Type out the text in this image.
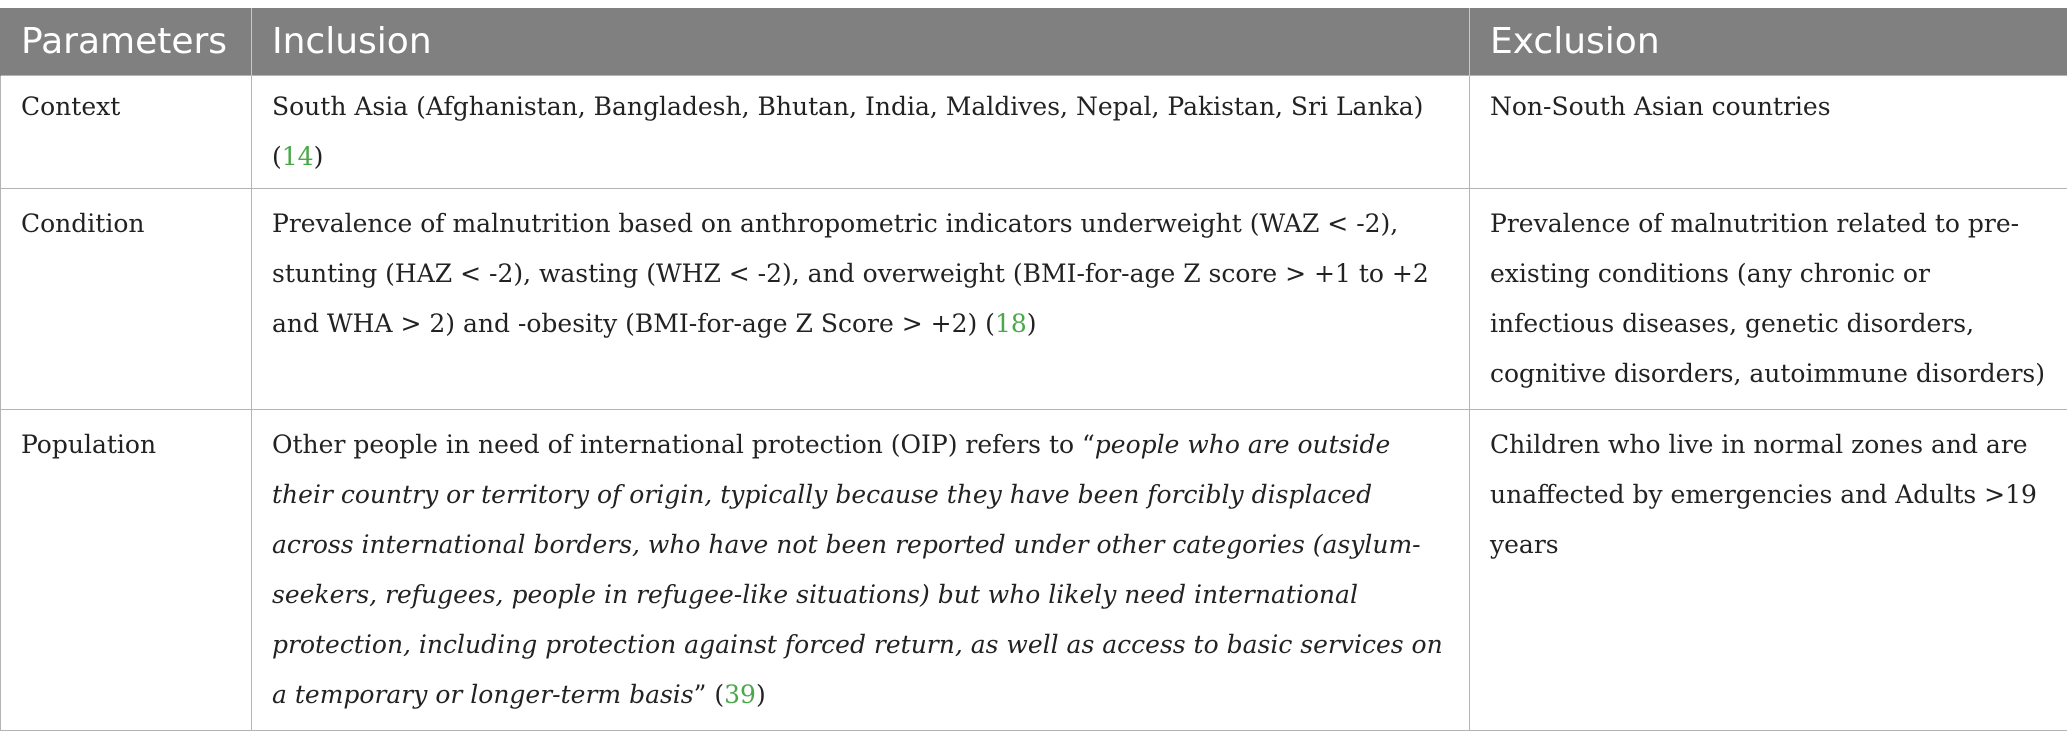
Parameters	Inclusion	Exclusion
Context	South Asia (Afghanistan, Bangladesh, Bhutan, India, Maldives, Nepal, Pakistan, Sri Lanka) (14)	Non-South Asian countries
Condition	Prevalence of malnutrition based on anthropometric indicators underweight (WAZ < -2), stunting (HAZ < -2), wasting (WHZ < -2), and overweight (BMI-for-age Z score > +1 to +2 and WHA > 2) and -obesity (BMI-for-age Z Score > +2) (18)	Prevalence of malnutrition related to pre-existing conditions (any chronic or infectious diseases, genetic disorders, cognitive disorders, autoimmune disorders)
Population	Other people in need of international protection (OIP) refers to “people who are outside their country or territory of origin, typically because they have been forcibly displaced across international borders, who have not been reported under other categories (asylum-seekers, refugees, people in refugee-like situations) but who likely need international protection, including protection against forced return, as well as access to basic services on a temporary or longer-term basis” (39)	Children who live in normal zones and are unaffected by emergencies and Adults >19 years
